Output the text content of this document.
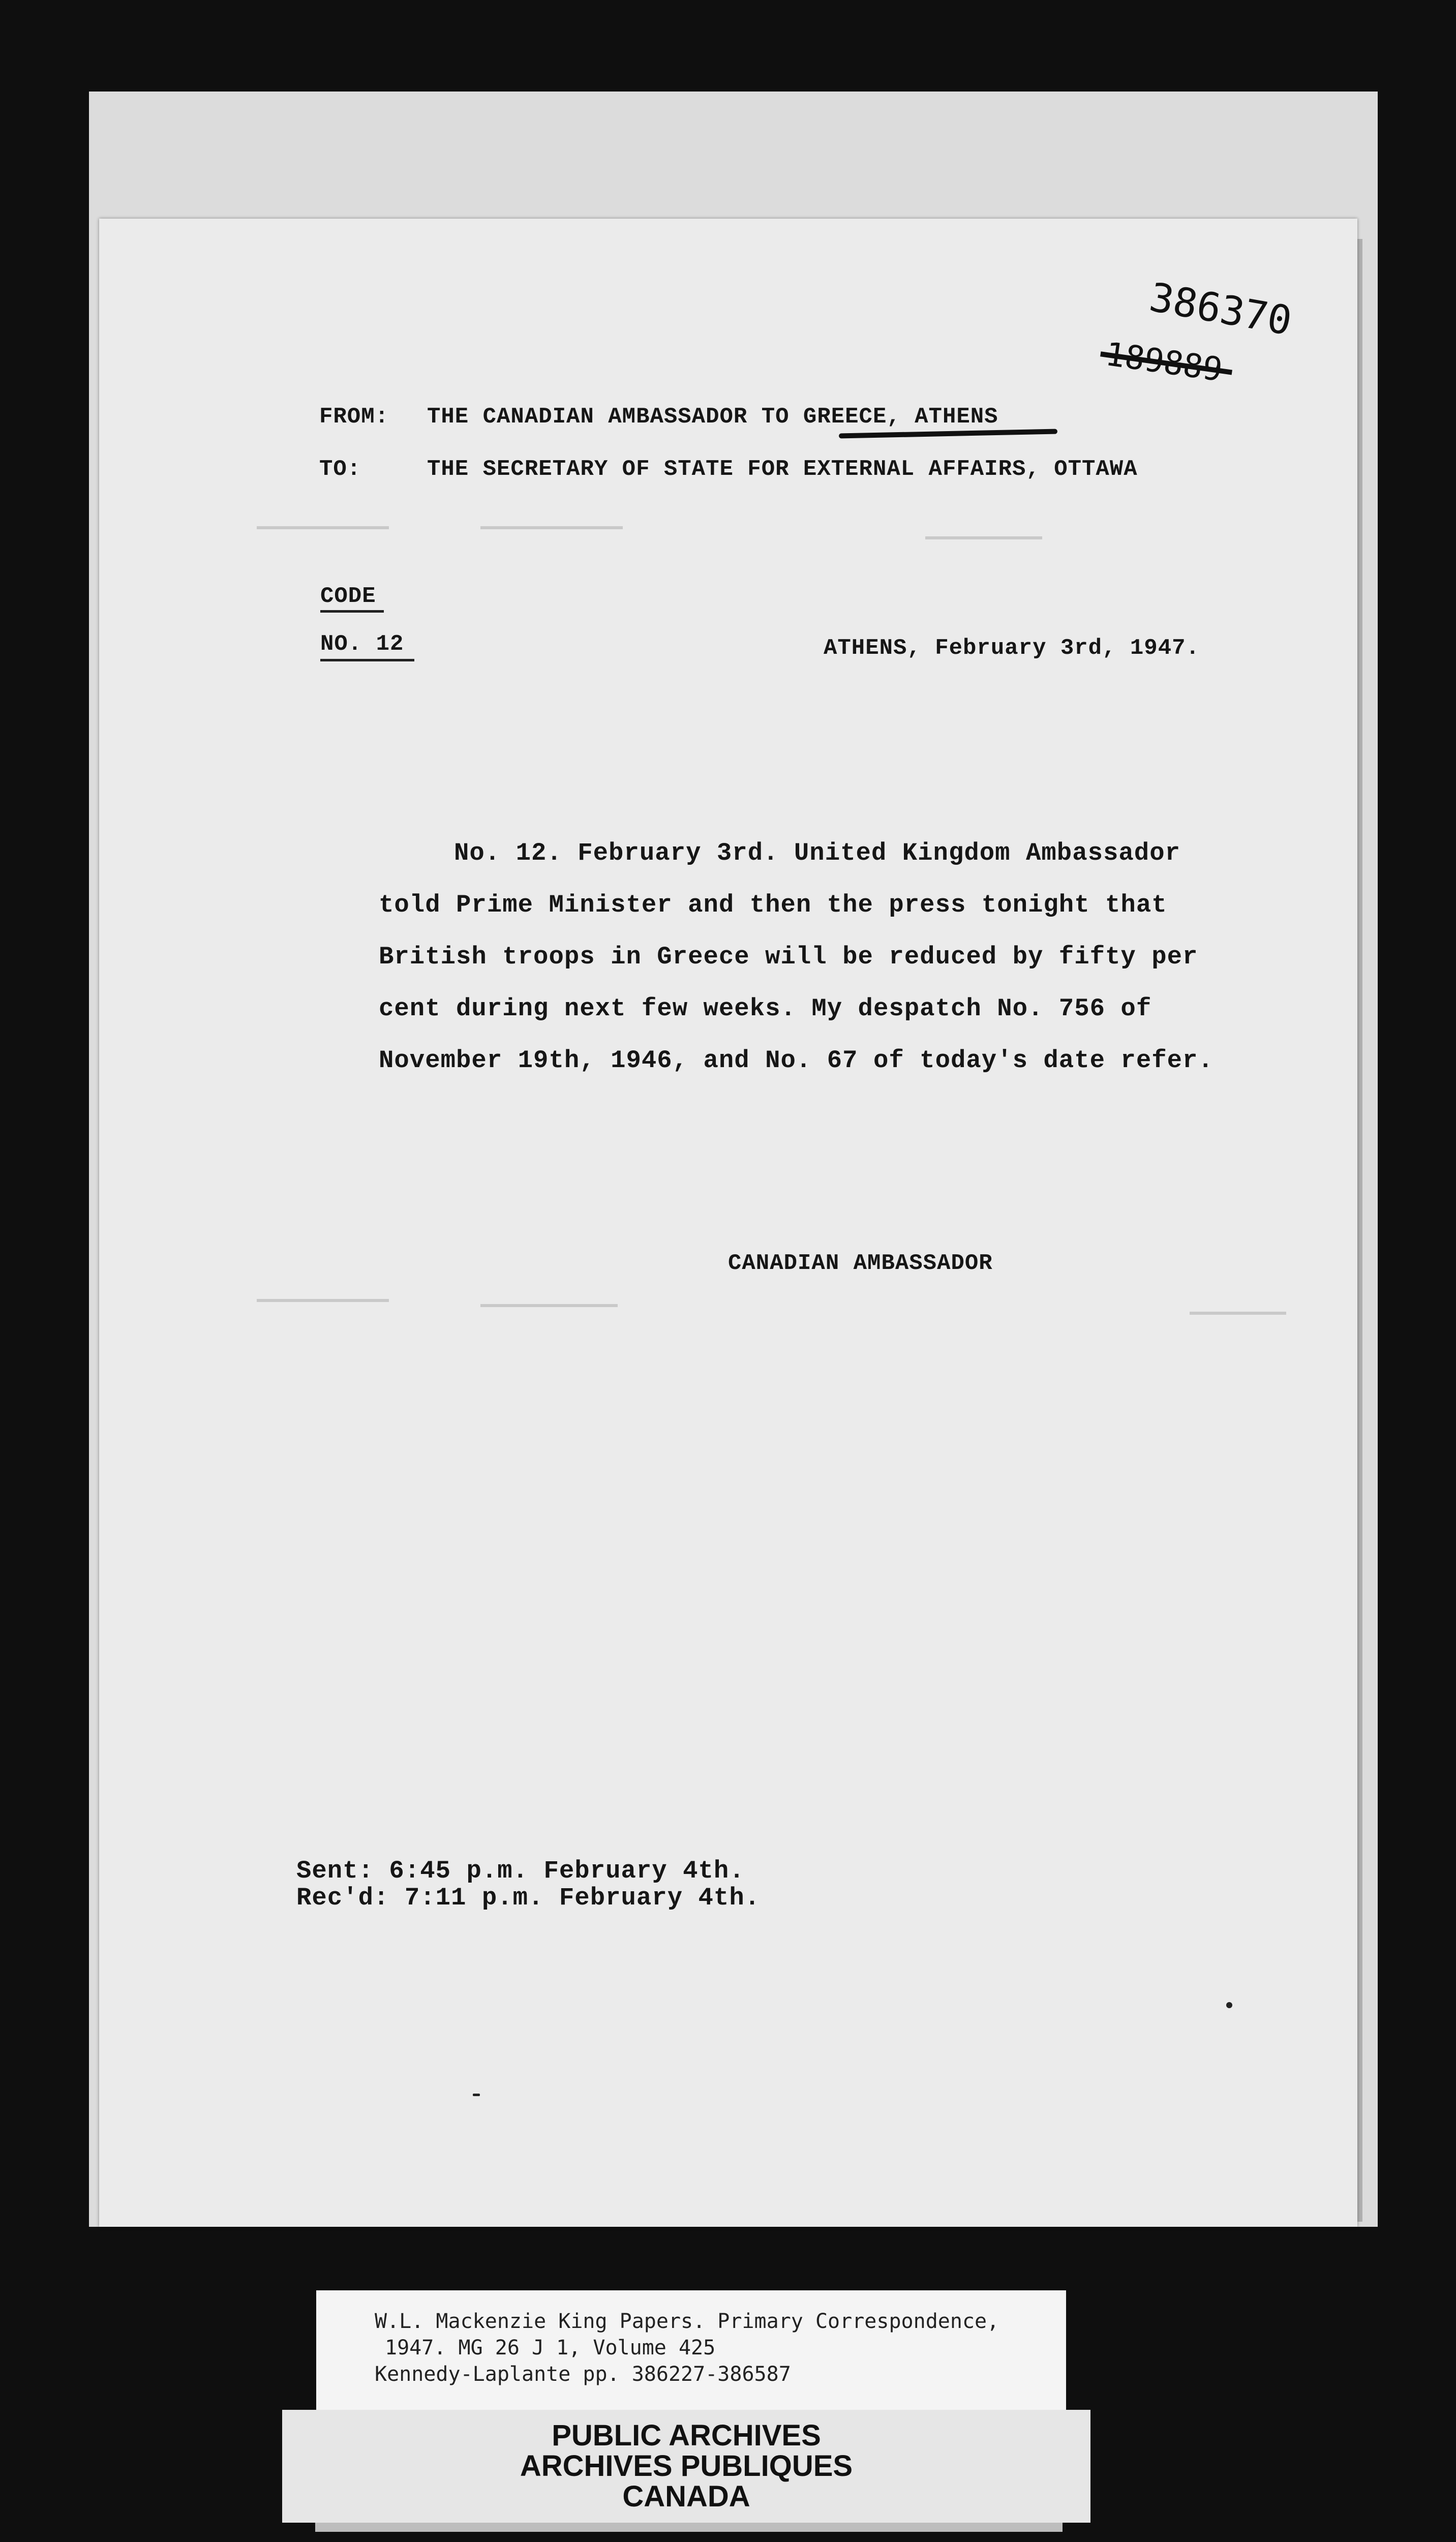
386370
FROM: THE CANADIAN AMBASSADOR TO GREECE, ATHENS
TO:	THE SECRETARY OF STATE FOR EXTERNAL AFFAIRS, OTTAWA
CODE
NO. 12	ATHENS, February 3rd, 1947.
No. 12. February 3rd. United Kingdom Ambassador
told Prime Minister and then the press tonight that
British troops in Greece will be reduced by fifty per
cent during next few weeks. My despatch No. 756 of
November 19th, 1946, and No. 67 of today's date refer.
CANADIAN AMBASSADOR
Sent: 6:45 p.m. February 4th.
Rec'd: 7:11 p.m. February 4th.
W.L. Mackenzie King Papers. Primary Correspondence,
1947. MG 26 J 1, Volume 425
Kennedy-Laplante pp. 386227-386587
PUBLIC ARCHIVES
ARCHIVES PUBLIQUES
CANADA
